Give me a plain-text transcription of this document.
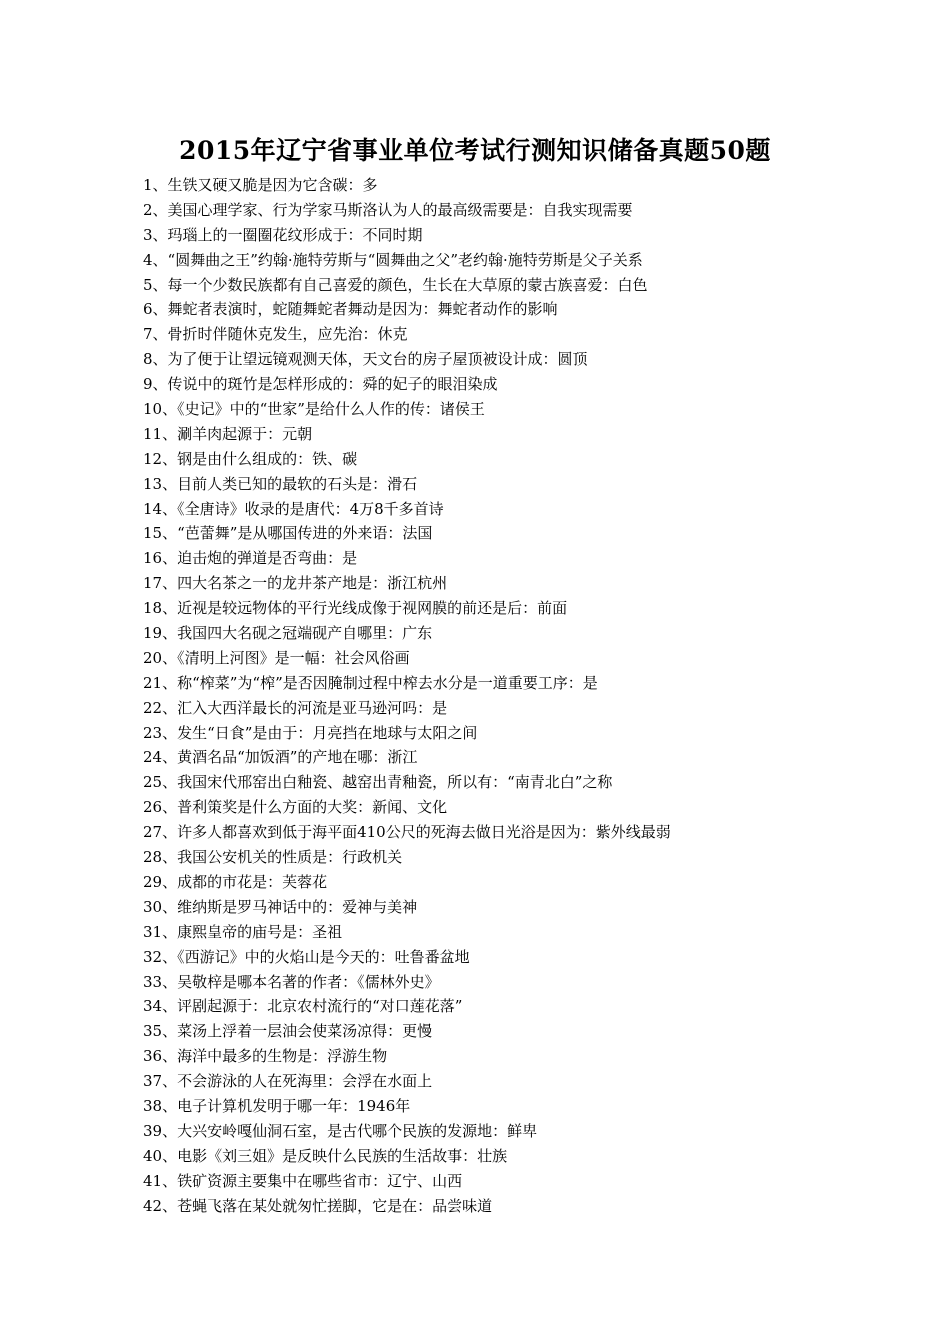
2015年辽宁省事业单位考试行测知识储备真题50题
1、生铁又硬又脆是因为它含碳：多
2、美国心理学家、行为学家马斯洛认为人的最高级需要是：自我实现需要
3、玛瑙上的一圈圈花纹形成于：不同时期
4、“圆舞曲之王”约翰·施特劳斯与“圆舞曲之父”老约翰·施特劳斯是父子关系
5、每一个少数民族都有自己喜爱的颜色，生长在大草原的蒙古族喜爱：白色
6、舞蛇者表演时，蛇随舞蛇者舞动是因为：舞蛇者动作的影响
7、骨折时伴随休克发生，应先治：休克
8、为了便于让望远镜观测天体，天文台的房子屋顶被设计成：圆顶
9、传说中的斑竹是怎样形成的：舜的妃子的眼泪染成
10、《史记》中的“世家”是给什么人作的传：诸侯王
11、涮羊肉起源于：元朝
12、钢是由什么组成的：铁、碳
13、目前人类已知的最软的石头是：滑石
14、《全唐诗》收录的是唐代：4万8千多首诗
15、“芭蕾舞”是从哪国传进的外来语：法国
16、迫击炮的弹道是否弯曲：是
17、四大名茶之一的龙井茶产地是：浙江杭州
18、近视是较远物体的平行光线成像于视网膜的前还是后：前面
19、我国四大名砚之冠端砚产自哪里：广东
20、《清明上河图》是一幅：社会风俗画
21、称“榨菜”为“榨”是否因腌制过程中榨去水分是一道重要工序：是
22、汇入大西洋最长的河流是亚马逊河吗：是
23、发生“日食”是由于：月亮挡在地球与太阳之间
24、黄酒名品“加饭酒”的产地在哪：浙江
25、我国宋代邢窑出白釉瓷、越窑出青釉瓷，所以有：“南青北白”之称
26、普利策奖是什么方面的大奖：新闻、文化
27、许多人都喜欢到低于海平面410公尺的死海去做日光浴是因为：紫外线最弱
28、我国公安机关的性质是：行政机关
29、成都的市花是：芙蓉花
30、维纳斯是罗马神话中的：爱神与美神
31、康熙皇帝的庙号是：圣祖
32、《西游记》中的火焰山是今天的：吐鲁番盆地
33、吴敬梓是哪本名著的作者：《儒林外史》
34、评剧起源于：北京农村流行的“对口莲花落”
35、菜汤上浮着一层油会使菜汤凉得：更慢
36、海洋中最多的生物是：浮游生物
37、不会游泳的人在死海里：会浮在水面上
38、电子计算机发明于哪一年：1946年
39、大兴安岭嘎仙洞石室，是古代哪个民族的发源地：鲜卑
40、电影《刘三姐》是反映什么民族的生活故事：壮族
41、铁矿资源主要集中在哪些省市：辽宁、山西
42、苍蝇飞落在某处就匆忙搓脚，它是在：品尝味道
